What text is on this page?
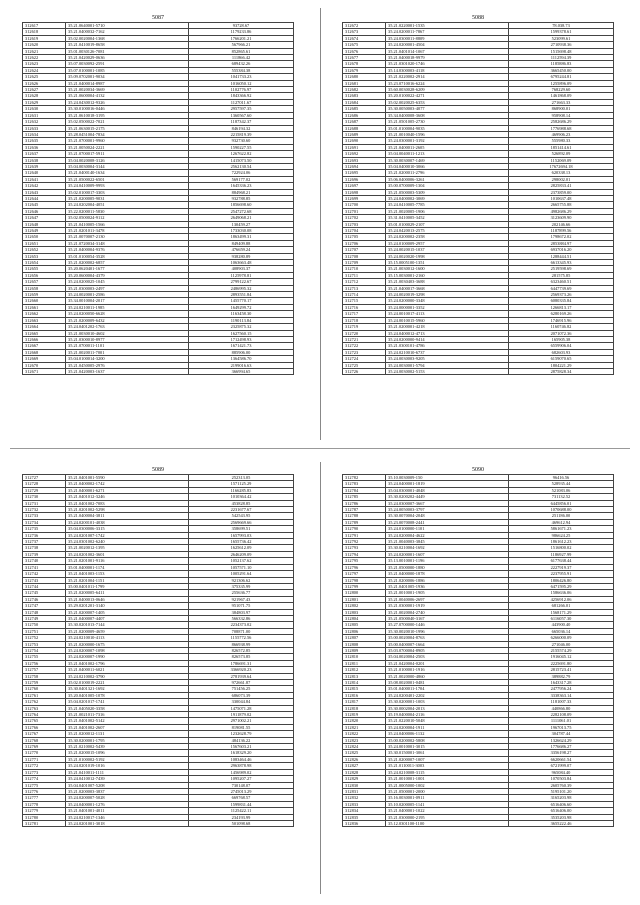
5087
312617	35.21.0640001-5710	93728.67
312618	35.21.0400032-7162	1179233.86
312619	35.02.0020004-1368	1766201.21
312620	35.21.0410019-8658	567966.21
312621	35.01.0030126-7081	852865.61
312622	35.21.0420029-0636	111866.42
312623	35.07.0030092-2591	689432.26
312624	35.07.0100001-1085	555384.38
312625	35.09.0702001-9034	1041733.23
312626	35.21.0400014-8987	1016050.12
312627	35.21.0020034-3669	1102776.97
312628	35.21.0600004-4132	1843366.92
312629	35.24.0430012-9326	1127011.67
312630	35.30.0100016-0446	2957597.35
312631	35.21.0610018-3195	1360567.60
312632	35.02.0500022-7021	1187342.37
312633	35.21.0630015-2175	846194.32
312634	35.28.0451004-7834	2215819.39
312635	35.21.0700001-9960	932730.60
312636	35.21.0050024-2221	1590227.55
312637	35.21.0700017-5911	1267622.82
312638	35.04.0020008-3126	1415073.50
312639	35.04.0030004-3144	2562130.54
312640	35.21.0400140-1634	722924.06
312641	35.21.0500022-6501	569177.02
312642	35.24.0410009-9993	1645336.23
312643	35.02.0100017-3303	884968.21
312644	35.21.0200005-9031	932788.85
312645	35.24.0202004-4051	1856698.60
312646	35.22.0200011-5830	2547272.68
312647	35.02.0500024-9112	2649068.21
312648	35.21.0410005-1566	130459.27
312649	35.21.0201011-3478	1733030.08
312650	35.21.0070007-2130	1863499.31
312651	35.21.0720034-3148	849409.88
312652	35.21.0400004-9376	476659.24
312653	35.01.0100054-3528	938280.89
312654	35.21.0200002-6857	1063663.48
312655	35.20.0620401-1677	408903.37
312656	35.20.0600004-4379	1125978.81
312657	35.24.0200025-1045	2799122.67
312658	35.21.0300003-2497	2486995.32
312659	35.24.0020001-2586	2893551.84
312660	35.34.0010004-2017	1455770.17
312661	35.24.0210011-1985	1649299.72
312662	35.24.0200050-6628	1163458.30
312663	35.21.0200009-6432	1190113.84
312664	35.24.0401202-1763	2325875.32
312665	35.21.0030010-4602	1627560.15
312666	35.21.0300010-8977	1712498.93
312667	35.21.0700011-1101	1671421.73
312668	35.21.0020011-7001	885906.00
312669	35.04.0100014-3200	1364586.70
312670	35.21.0450005-2976	2199016.63
312671	35.21.0420003-1637	366994.65
5088
312672	35.21.0220001-1535	78.038.73
312673	35.24.0200011-7867	1599378.61
312674	35.24.0300011-8809	523099.61
312675	35.24.0200001-4504	2710938.36
312676	35.21.0401014-1067	1515698.48
312677	35.21.0400018-9979	1112594.39
312678	35.21.0301020-1746	1185886.83
312679	35.14.0300003-4118	3665450.00
312680	35.21.0220002-2914	6795244.81
312681	35.23.0710016-6224	1255896.09
312682	35.60.0030028-6209	768229.60
312683	35.20.0100022-4271	1461868.09
312684	35.02.0020025-6353	271663.33
312685	35.30.0050003-4077	868900.01
312686	35.34.0400008-3608	958908.14
312687	35.21.0501005-2730	2582686.29
312688	35.01.0100004-9035	1776988.68
312689	35.21.0010040-1596	469906.23
312690	35.24.0300001-3192	555980.33
312691	35.21.0400011-2605	1851414.61
312692	35.04.0040011-1213	526892.09
312693	35.30.0030007-1469	1152069.09
312694	35.04.0400010-3066	17672694.18
312695	35.21.0200011-2796	620338.13
312696	35.06.0400006-3261	298002.01
312697	35.00.0700009-1304	2825833.41
312698	35.21.0500003-5309	2373859.00
312699	35.24.0400002-3069	1010637.48
312700	35.24.0410005-7785	2665755.88
312701	35.21.0020005-1906	4982686.29
312702	35.31.0410005-3452	3123609.90
312703	35.01.0100029-2107	202146.66
312704	35.24.0420013-2575	1187899.56
312705	35.24.0200002-2358	1798672.02
312706	35.24.0100009-2957	2853884.97
312707	35.24.0020015-1037	6937016.20
312708	35.24.0020020-1998	1288444.51
312709	35.15.0005100-1351	6613345.93
312710	35.21.0030012-1600	2519598.69
312711	35.15.0030001-2160	281575.85
312712	35.21.0030403-3688	6323460.51
312713	35.21.0400017-3668	6447739.69
312714	35.24.0020019-3298	2569373.26
312715	35.24.0200000-3348	6080335.84
312716	35.24.0000001-3352	1266813.17
312717	35.24.0010017-4113	6280169.26
312718	35.24.0010015-5960	1746915.96
312719	35.21.0200001-4218	1160746.82
312720	35.24.0400012-4713	2071072.36
312721	35.24.0200000-9414	165905.38
312722	35.21.0300101-4786	6559906.04
312723	35.24.0210010-6737	682603.93
312724	35.24.0030003-9205	6159070.65
312725	35.24.0030001-5794	1804221.29
312726	35.24.0030002-5153	2875828.34
5089
312727	35.21.0401001-5590	252313.05
312728	35.21.0400002-1742	1571125.29
312729	35.21.0400001-6271	1166285.83
312730	35.21.0401012-3246	1010364.42
312731	35.21.0401002-7083	453828.85
312732	35.21.0201002-5298	2231677.67
312733	35.21.0400004-3811	542543.95
312734	35.24.0200101-4038	2569669.66
312735	35.04.0300006-3315	358699.51
312736	35.24.0201007-1742	1657993.03
312737	35.24.0301002-6240	1655736.42
312738	35.21.0020012-1395	1625612.09
312739	35.24.0201002-3601	2646209.09
312740	35.21.0201001-9116	1052137.62
312741	35.01.0400001-1174	1057571.10
312742	35.21.0401003-1153	1005291.64
312743	35.21.0201004-1151	921306.62
312744	35.00.0401011-1799	375335.99
312745	35.21.0200005-6411	255636.77
312746	35.21.0400013-0646	921967.43
312747	35.29.0201201-3140	951071.75
312748	35.21.0200007-1405	384803.97
312749	35.21.0400007-4407	566332.86
312750	35.30.0201013-7144	2234373.02
312751	35.21.0200009-4659	708871.00
312752	35.24.0210010-4113	1155772.56
312753	35.21.0200000-1675	866938.99
312754	35.24.0200007-1098	826572.85
312755	35.24.0200007-1990	826573.85
312756	35.21.0401002-1796	1786691.31
312757	35.21.0400011-6021	3366920.23
312758	35.24.0210002-3790	2781939.64
312759	35.02.0100019-2221	972661.87
312760	35.30.0401321-1692	751456.25
312761	35.20.0401005-1078	686073.39
312762	35.04.0201017-1741	330044.84
312763	35.21.0405020-3358	1475071.28
312764	35.21.0021011-7316	1911879.02
312765	35.21.0401002-5142	2971002.21
312766	35.21.0401002-2607	819081.55
312767	35.21.0200012-1131	1232628.79
312768	35.30.0200001-1795	484136.22
312769	35.21.0210002-5439	1567603.21
312770	35.21.0200015-1096	1618329.20
312771	35.21.0100002-5192	1083464.46
312772	35.24.0201019-1016	2963878.98
312773	35.21.0410011-1111	1456989.02
312774	35.24.0410012-7439	1095207.27
312775	35.04.0401007-5208	730148.07
312776	35.21.0200003-3837	2745013.29
312777	35.24.0200007-5028	669768.57
312778	35.24.0400001-1276	1599831.44
312779	35.21.0401001-4011	1125422.11
312780	35.24.0210017-1346	234193.99
312781	35.24.0201001-3018	501098.68
5090
312782	35.10.0030009-150	96416.56
312783	35.24.0400001-1819	528935.44
312784	35.04.0300001-4048	521083.06
312785	35.30.0200202-4449	731132.52
312786	35.24.0300007-3667	6445856.01
312787	35.24.0050003-3797	1070688.00
312788	35.30.0070004-2048	251186.00
312789	35.23.0070008-2441	469612.94
312790	35.24.0100000-1101	5861671.23
312791	35.24.0200004-4622	986624.25
312792	35.21.0040003-3845	1861612.23
312793	35.30.0210004-1692	1516800.02
312794	35.24.0200001-1607	1186927.99
312795	35.13.0010001-1196	6177638.44
312796	35.21.0500000-1880	2227919.37
312797	35.21.0400000-1878	2237955.91
312798	35.21.0200006-1886	1806426.80
312799	35.21.0401005-1936	6471595.29
312800	35.21.0010001-1905	1586636.06
312801	35.21.0040006-2697	4256912.06
312802	35.21.0300001-1919	681266.01
312803	35.21.0020004-2740	1568171.29
312804	35.21.0500040-3167	6116057.30
312805	35.27.0700000-1446	443900.40
312806	35.30.0020010-1996	665036.14
312807	35.00.0020004-8763	6266000.09
312808	35.00.0400007-1664	271046.00
312809	35.03.0700004-8905	2155574.29
312810	35.04.0020004-2503	1916045.12
312811	35.21.0420004-0201	2225691.80
312812	35.21.0100001-1916	2815723.41
312813	35.21.0020000-4860	389882.79
312814	35.08.0020001-0481	1643317.28
312815	35.01.0400011-1704	2477956.24
312816	35.24.0200401-2202	3338363.14
312817	35.30.0200001-1003	1181007.33
312818	35.30.0002004-2013	440866.80
312819	35.19.0400004-2116	2282108.09
312820	35.21.0220010-5048	1111061.01
312821	35.24.0200004-1911	1967013.75
312822	35.24.0400006-1132	304787.44
312823	35.00.0200002-5808	1326624.29
312824	35.24.0010001-3015	1776686.27
312825	35.30.0150001-3061	3356198.27
312826	35.21.0200007-1007	6620661.54
312827	35.21.0110011-3003	6721999.07
312828	35.24.0210008-3115	965084.40
312829	35.21.0010001-1001	1070503.84
312830	35.21.0005000-1002	2605760.39
312831	35.21.0500001-2000	5195101.20
312832	35.16.0030001-0911	3165203.98
312833	35.10.0200005-1141	6516406.60
312834	35.21.0400001-1022	6516406.00
312835	35.21.0300000-2195	3535203.98
312836	35.12.0301100-1100	3655222.46
